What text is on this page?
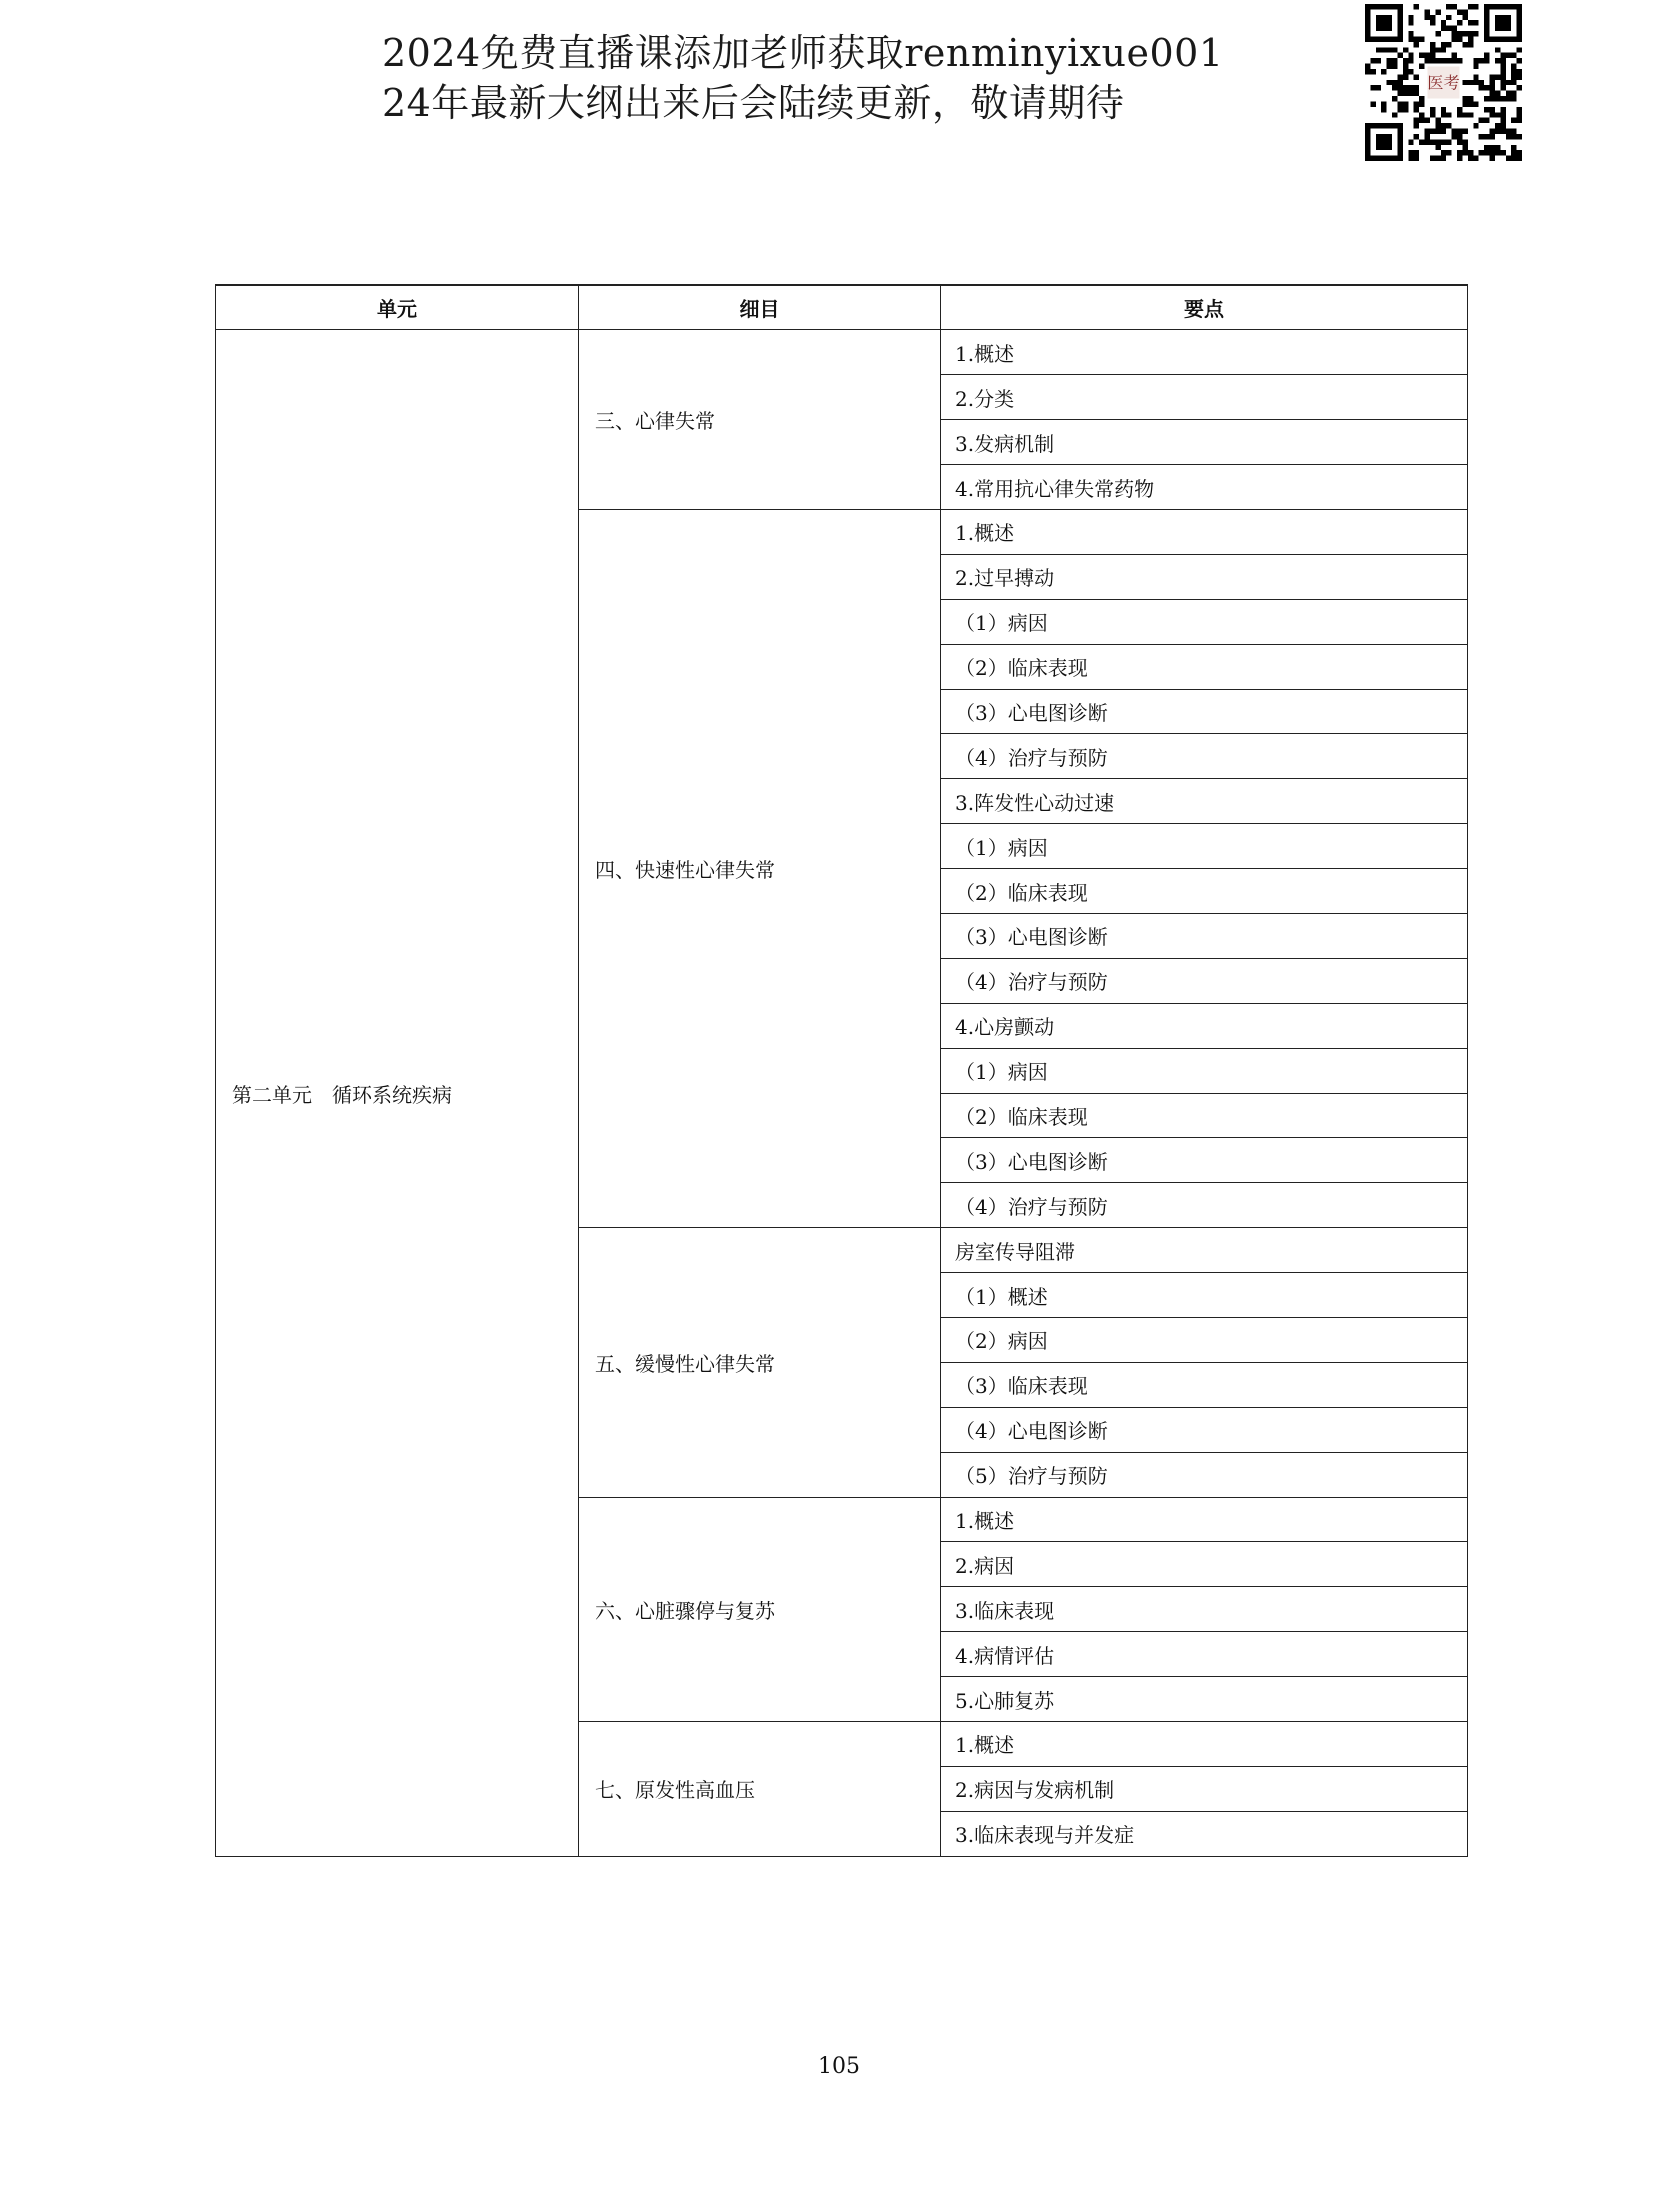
2024免费直播课添加老师获取renminyixue001
24年最新大纲出来后会陆续更新，敬请期待	医考
单元	细目	要点
第二单元　循环系统疾病	三、心律失常	1.概述
		2.分类
		3.发病机制
		4.常用抗心律失常药物
	四、快速性心律失常	1.概述
		2.过早搏动
		（1）病因
		（2）临床表现
		（3）心电图诊断
		（4）治疗与预防
		3.阵发性心动过速
		（1）病因
		（2）临床表现
		（3）心电图诊断
		（4）治疗与预防
		4.心房颤动
		（1）病因
		（2）临床表现
		（3）心电图诊断
		（4）治疗与预防
	五、缓慢性心律失常	房室传导阻滞
		（1）概述
		（2）病因
		（3）临床表现
		（4）心电图诊断
		（5）治疗与预防
	六、心脏骤停与复苏	1.概述
		2.病因
		3.临床表现
		4.病情评估
		5.心肺复苏
	七、原发性高血压	1.概述
		2.病因与发病机制
		3.临床表现与并发症
105
